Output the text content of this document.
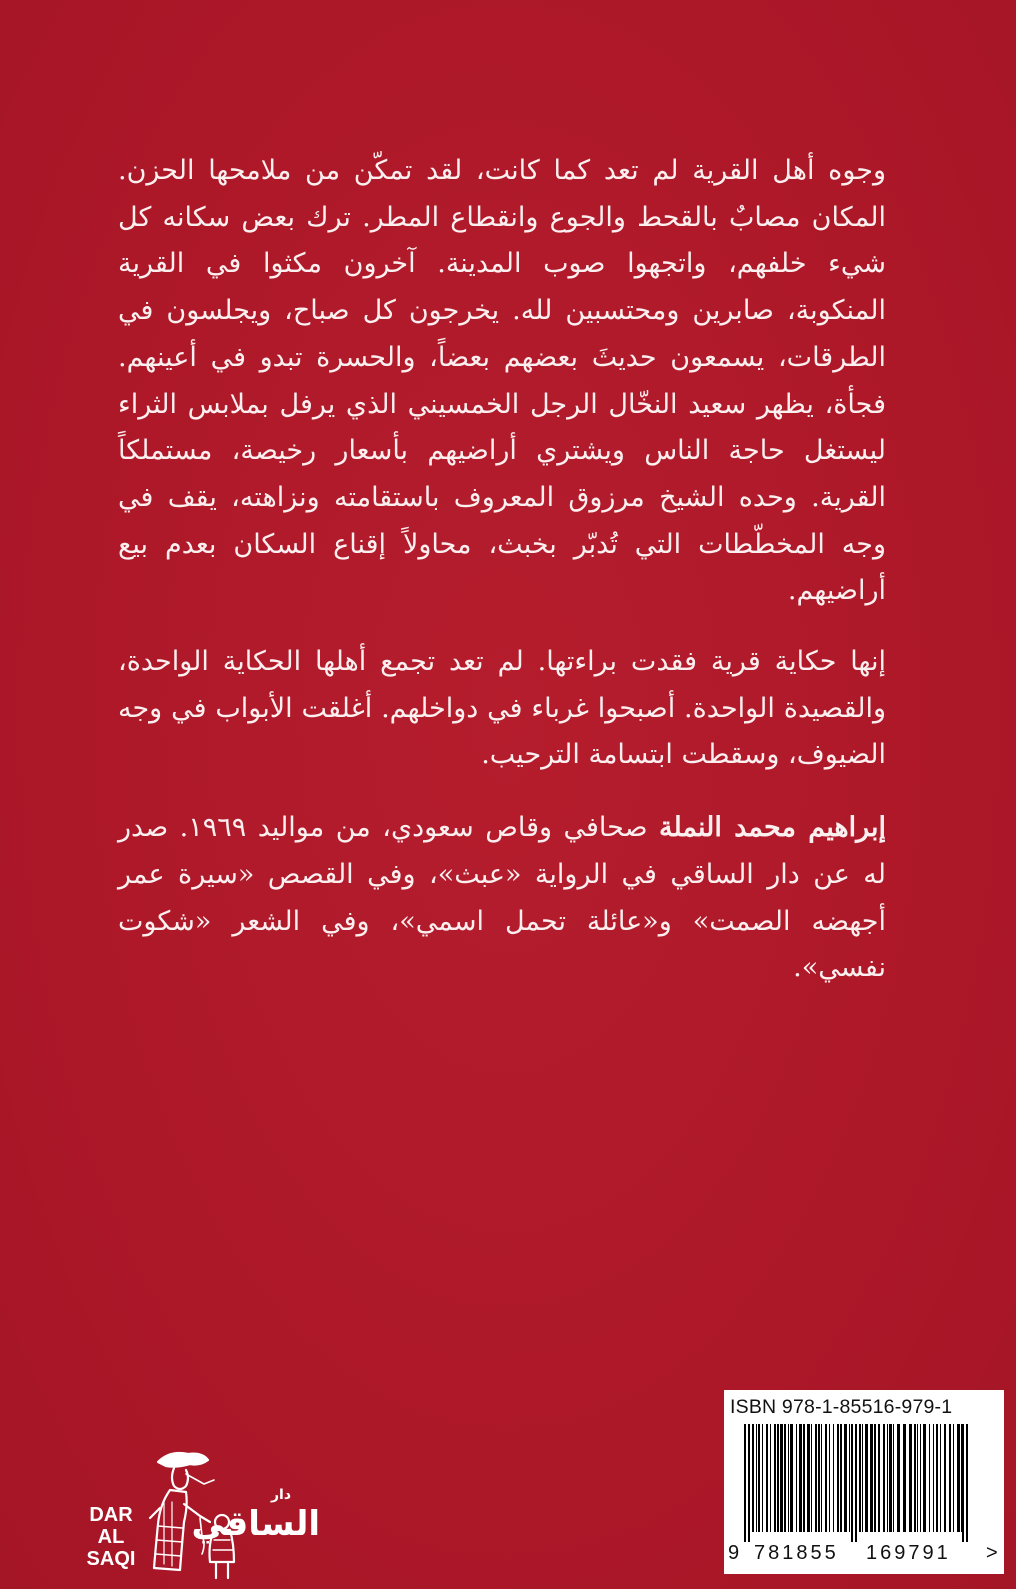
وجوه أهل القرية لم تعد كما كانت، لقد تمكّن من ملامحها الحزن. المكان مصابٌ بالقحط والجوع وانقطاع المطر. ترك بعض سكانه كل شيء خلفهم، واتجهوا صوب المدينة. آخرون مكثوا في القرية المنكوبة، صابرين ومحتسبين لله. يخرجون كل صباح، ويجلسون في الطرقات، يسمعون حديثَ بعضهم بعضاً، والحسرة تبدو في أعينهم. فجأة، يظهر سعيد النخّال الرجل الخمسيني الذي يرفل بملابس الثراء ليستغل حاجة الناس ويشتري أراضيهم بأسعار رخيصة، مستملكاً القرية. وحده الشيخ مرزوق المعروف باستقامته ونزاهته، يقف في وجه المخطّطات التي تُدبّر بخبث، محاولاً إقناع السكان بعدم بيع أراضيهم.

إنها حكاية قرية فقدت براءتها. لم تعد تجمع أهلها الحكاية الواحدة، والقصيدة الواحدة. أصبحوا غرباء في دواخلهم. أغلقت الأبواب في وجه الضيوف، وسقطت ابتسامة الترحيب.

إبراهيم محمد النملة صحافي وقاص سعودي، من مواليد ١٩٦٩. صدر له عن دار الساقي في الرواية «عبث»، وفي القصص «سيرة عمر أجهضه الصمت» و«عائلة تحمل اسمي»، وفي الشعر «شكوت نفسي».

DAR
AL SAQI
دار
الساقي
ISBN 978-1-85516-979-1
9 781855 169791 >
